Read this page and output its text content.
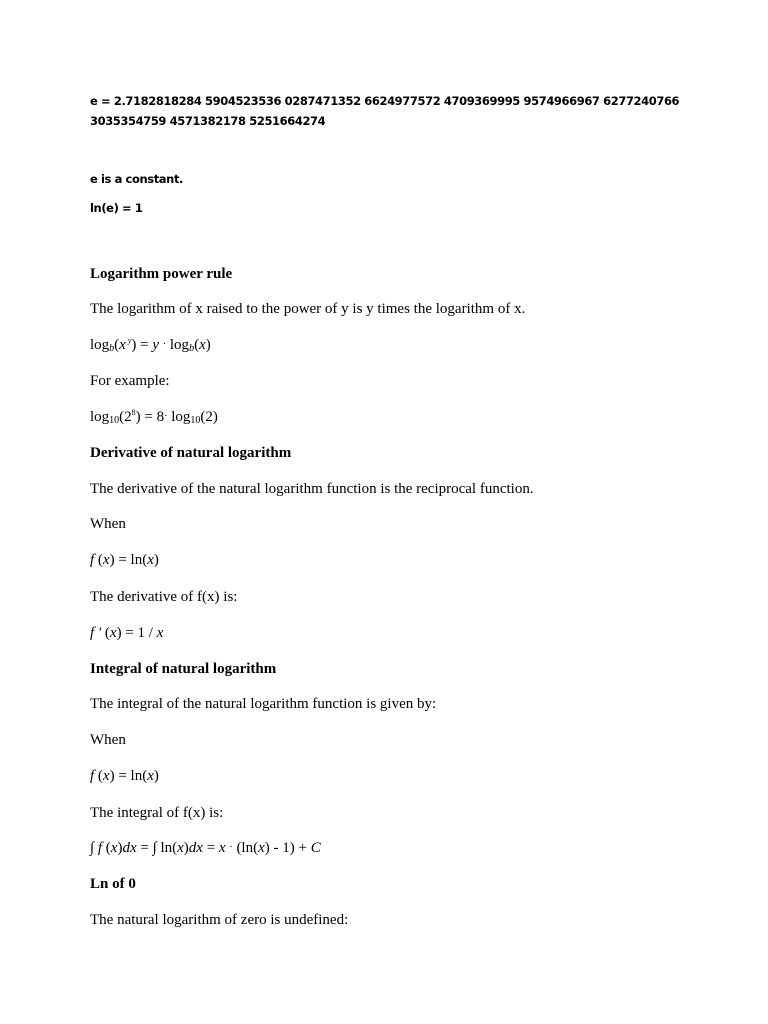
e = 2.7182818284 5904523536 0287471352 6624977572 4709369995 9574966967 6277240766
3035354759 4571382178 5251664274
e is a constant.
ln(e) = 1
Logarithm power rule
The logarithm of x raised to the power of y is y times the logarithm of x.
$\log_b(x$ $^y) = y \cdot \log_b(x)$
For example:
$\log_{10}(2^8) = 8\cdot \log_{10}(2)$
Derivative of natural logarithm
The derivative of the natural logarithm function is the reciprocal function.
When
f (x) = ln(x)
The derivative of f(x) is:
f ' (x) = 1 / x
Integral of natural logarithm
The integral of the natural logarithm function is given by:
When
f (x) = ln(x)
The integral of f(x) is:
∫ f (x)dx = ∫ ln(x)dx = x · (ln(x) - 1) + C
Ln of 0
The natural logarithm of zero is undefined:
